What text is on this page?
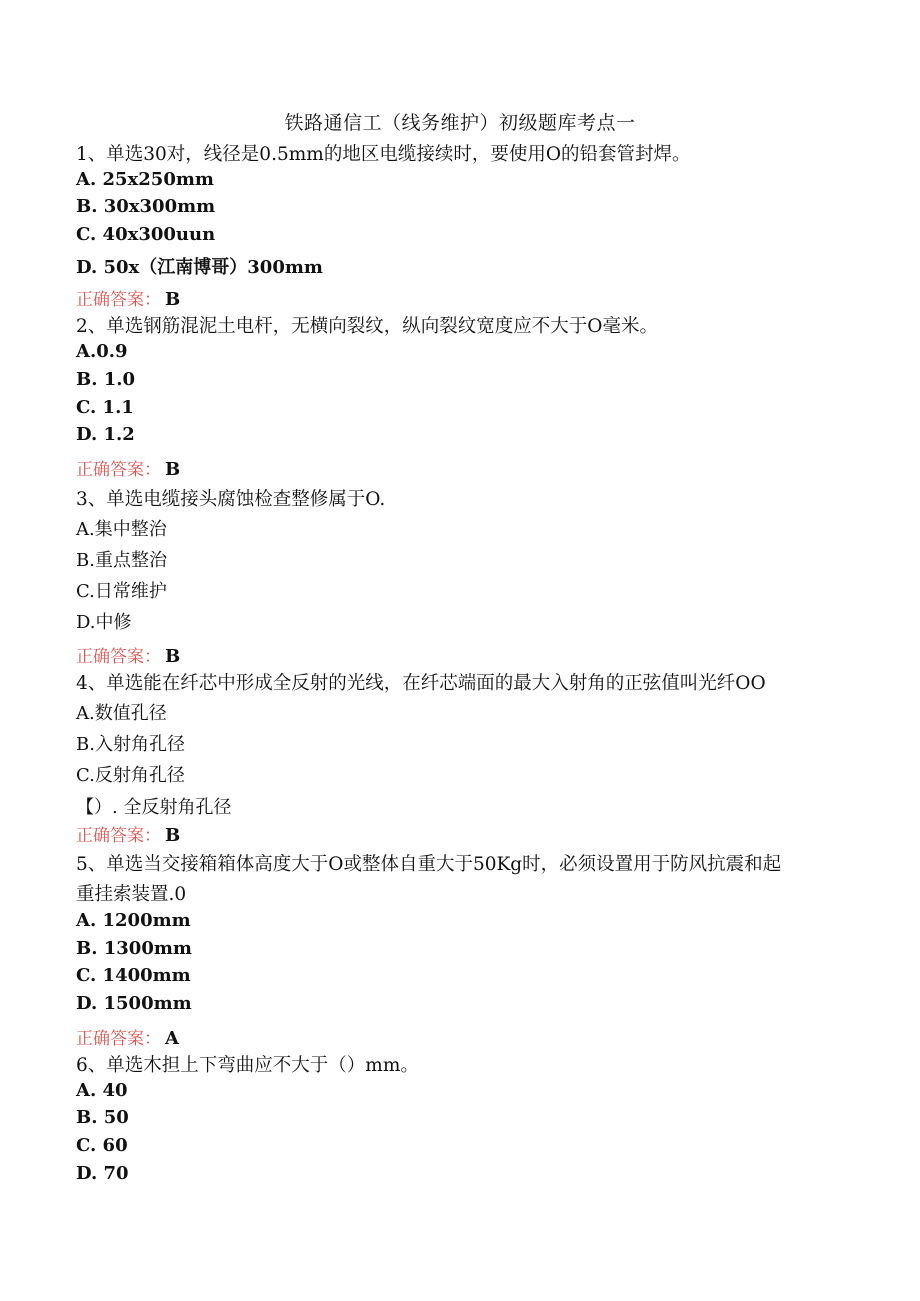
铁路通信工（线务维护）初级题库考点一
1、单选30对，线径是0.5mm的地区电缆接续时，要使用O的铅套管封焊。
A. 25x250mm
B. 30x300mm
C. 40x300uun
D. 50x（江南博哥）300mm
正确答案： B
2、单选钢筋混泥土电杆，无横向裂纹，纵向裂纹宽度应不大于O毫米。
A.0.9
B. 1.0
C. 1.1
D. 1.2
正确答案： B
3、单选电缆接头腐蚀检查整修属于O.
A.集中整治
B.重点整治
C.日常维护
D.中修
正确答案： B
4、单选能在纤芯中形成全反射的光线，在纤芯端面的最大入射角的正弦值叫光纤OO
A.数值孔径
B.入射角孔径
C.反射角孔径
【）. 全反射角孔径
正确答案： B
5、单选当交接箱箱体高度大于O或整体自重大于50Kg时，必须设置用于防风抗震和起
重挂索装置.0
A. 1200mm
B. 1300mm
C. 1400mm
D. 1500mm
正确答案： A
6、单选木担上下弯曲应不大于（）mm。
A. 40
B. 50
C. 60
D. 70
